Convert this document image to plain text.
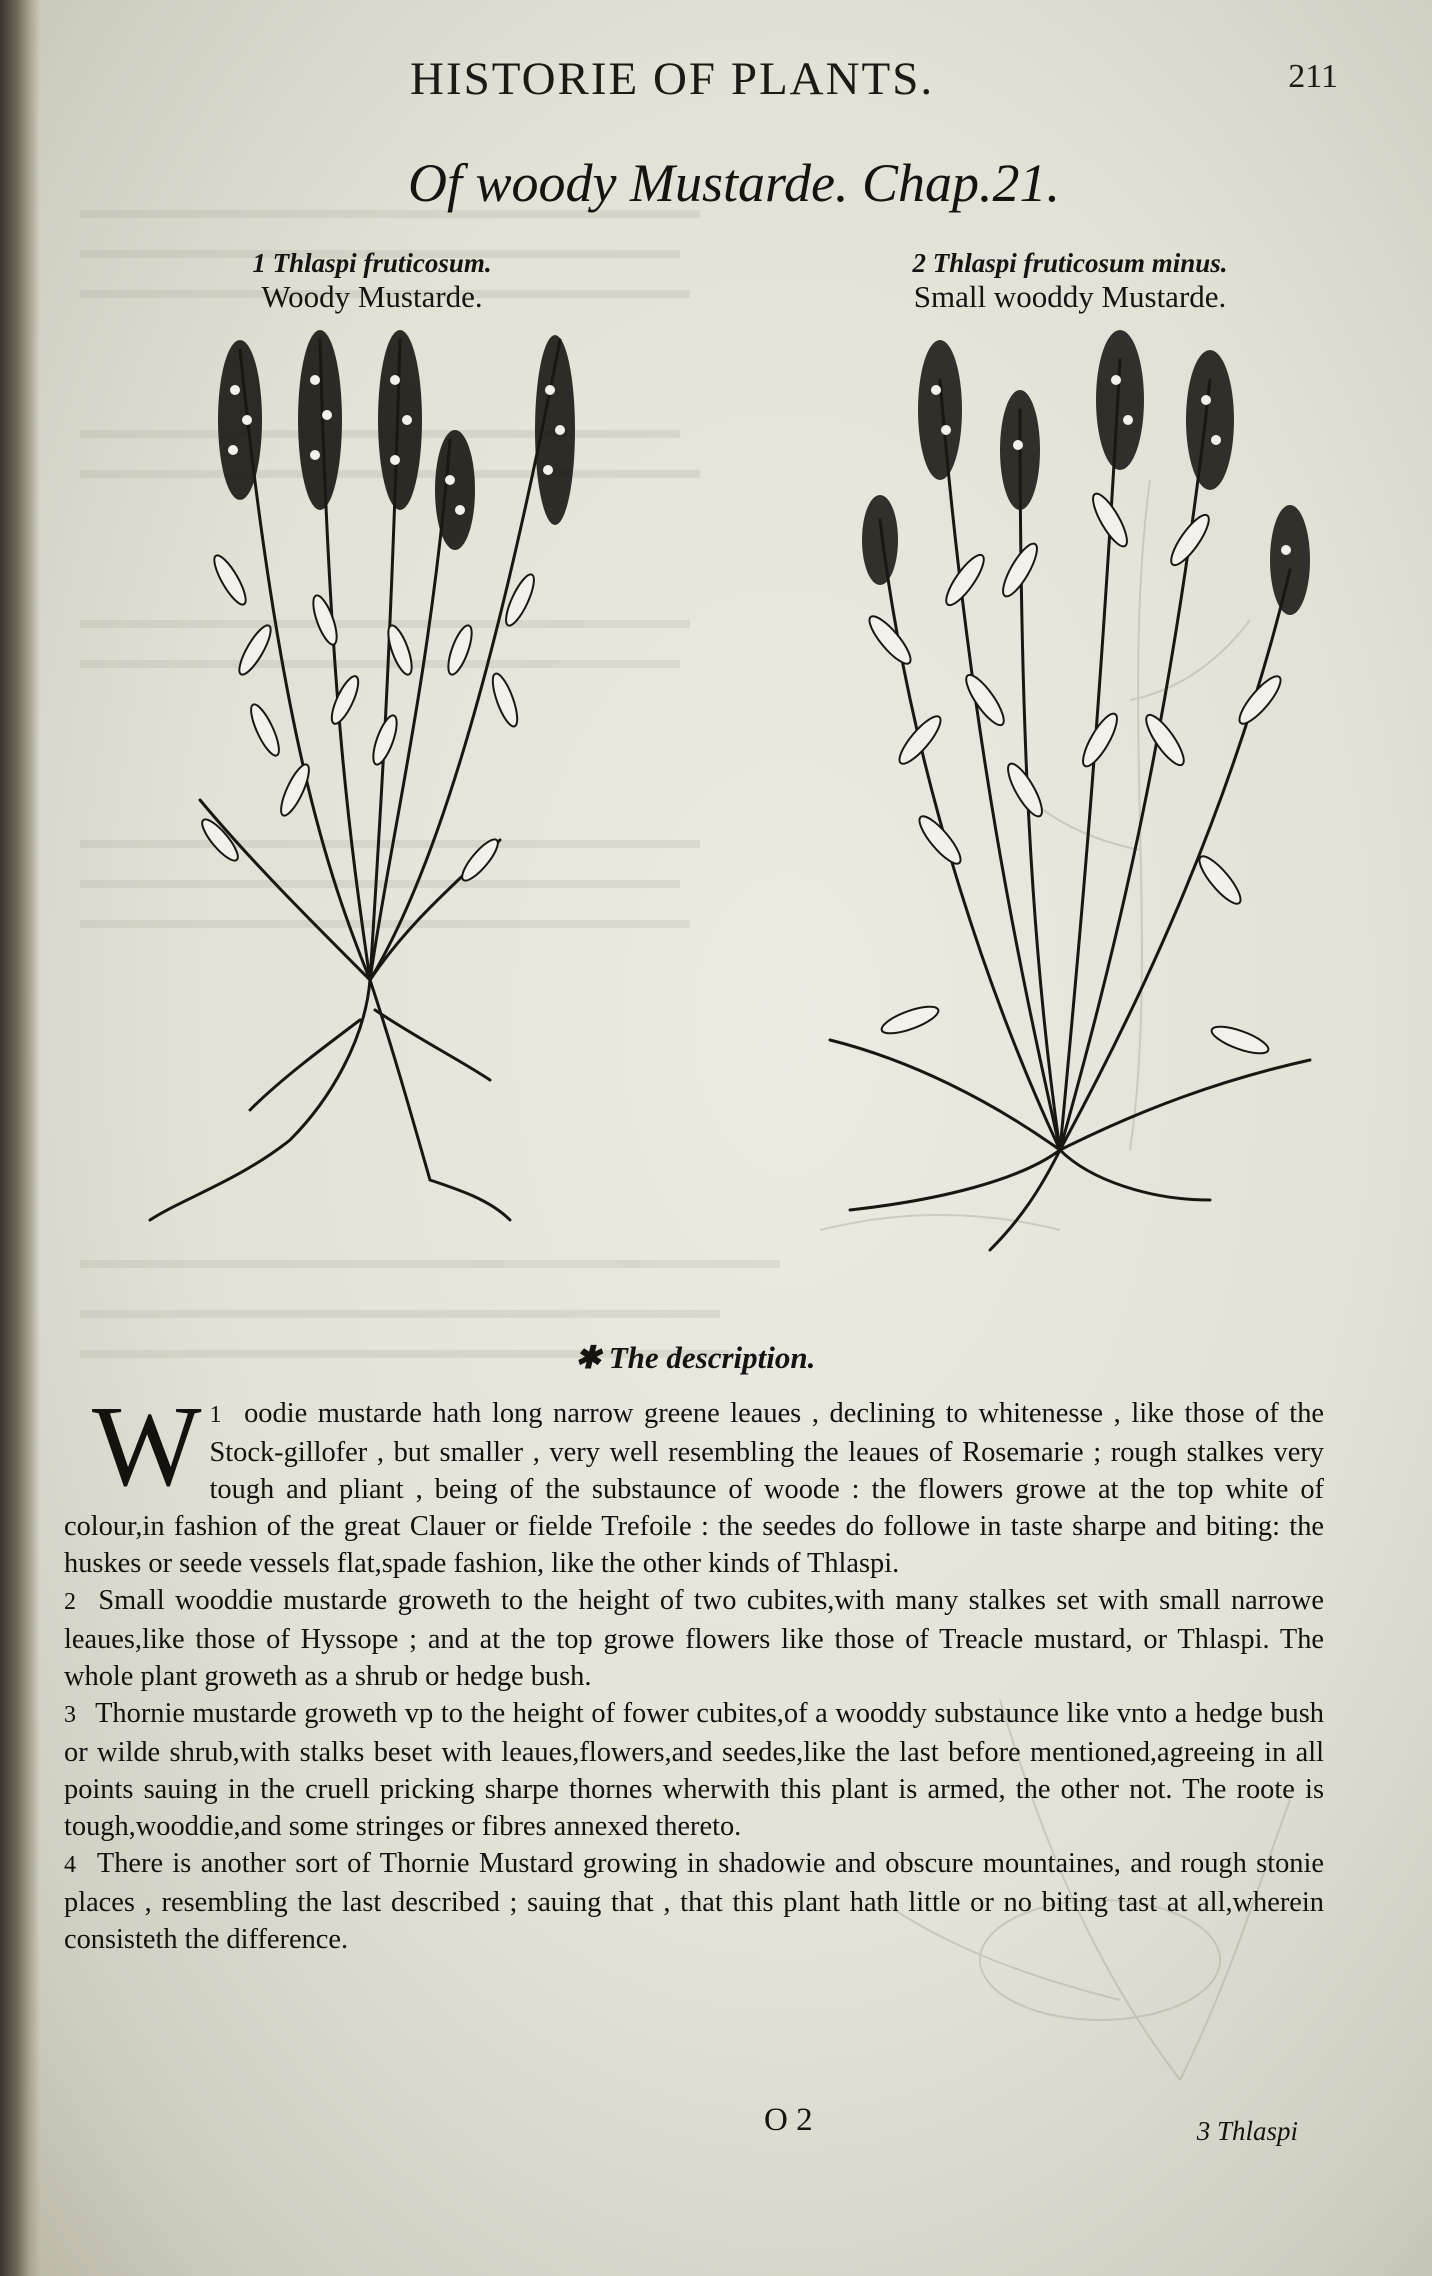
HISTORIE OF PLANTS.	211
Of woody Mustarde. Chap.21.
1 Thlaspi fruticosum.
Woody Mustarde.
2 Thlaspi fruticosum minus.
Small wooddy Mustarde.
✱ The description.

1
W oodie mustarde hath long narrow greene leaues , declining to whitenesse , like those of the Stock-gillofer , but smaller , very well resembling the leaues of Rosemarie ; rough stalkes very tough and pliant , being of the substaunce of woode : the flowers growe at the top white of colour,in fashion of the great Clauer or fielde Trefoile : the seedes do followe in taste sharpe and biting: the huskes or seede vessels flat,spade fashion, like the other kinds of Thlaspi.

2 Small wooddie mustarde groweth to the height of two cubites,with many stalkes set with small narrowe leaues,like those of Hyssope ; and at the top growe flowers like those of Treacle mustard, or Thlaspi. The whole plant groweth as a shrub or hedge bush.

3 Thornie mustarde groweth vp to the height of fower cubites,of a wooddy substaunce like vnto a hedge bush or wilde shrub,with stalks beset with leaues,flowers,and seedes,like the last before mentioned,agreeing in all points sauing in the cruell pricking sharpe thornes wherwith this plant is armed, the other not. The roote is tough,wooddie,and some stringes or fibres annexed thereto.

4 There is another sort of Thornie Mustard growing in shadowie and obscure mountaines, and rough stonie places , resembling the last described ; sauing that , that this plant hath little or no biting tast at all,wherein consisteth the difference.

O 2	3 Thlaspi
